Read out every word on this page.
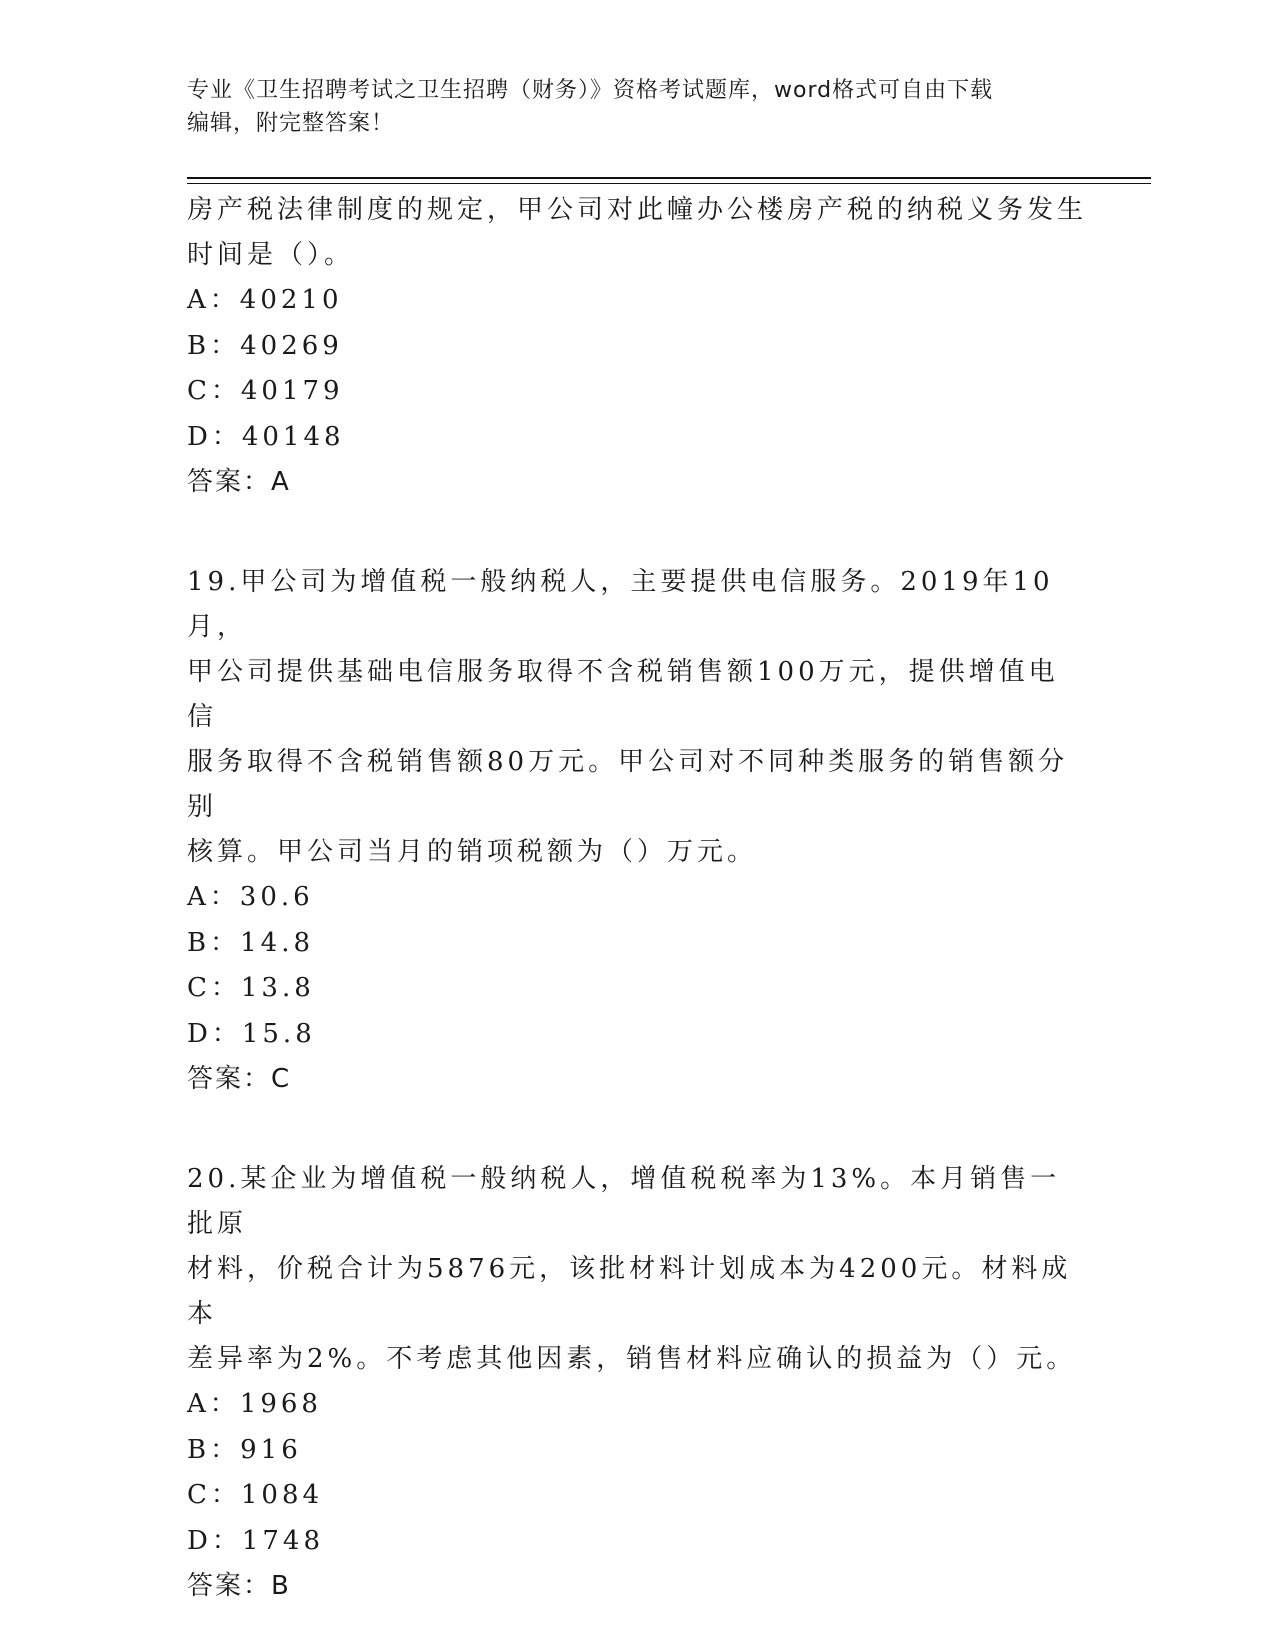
专业《卫生招聘考试之卫生招聘（财务）》资格考试题库，word格式可自由下载
编辑，附完整答案！
房产税法律制度的规定，甲公司对此幢办公楼房产税的纳税义务发生
时间是（）。
A：40210
B：40269
C：40179
D：40148
答案：A
19.甲公司为增值税一般纳税人，主要提供电信服务。2019年10月，
甲公司提供基础电信服务取得不含税销售额100万元，提供增值电信
服务取得不含税销售额80万元。甲公司对不同种类服务的销售额分别
核算。甲公司当月的销项税额为（）万元。
A：30.6
B：14.8
C：13.8
D：15.8
答案：C
20.某企业为增值税一般纳税人，增值税税率为13%。本月销售一批原
材料，价税合计为5876元，该批材料计划成本为4200元。材料成本
差异率为2%。不考虑其他因素，销售材料应确认的损益为（）元。
A：1968
B：916
C：1084
D：1748
答案：B
